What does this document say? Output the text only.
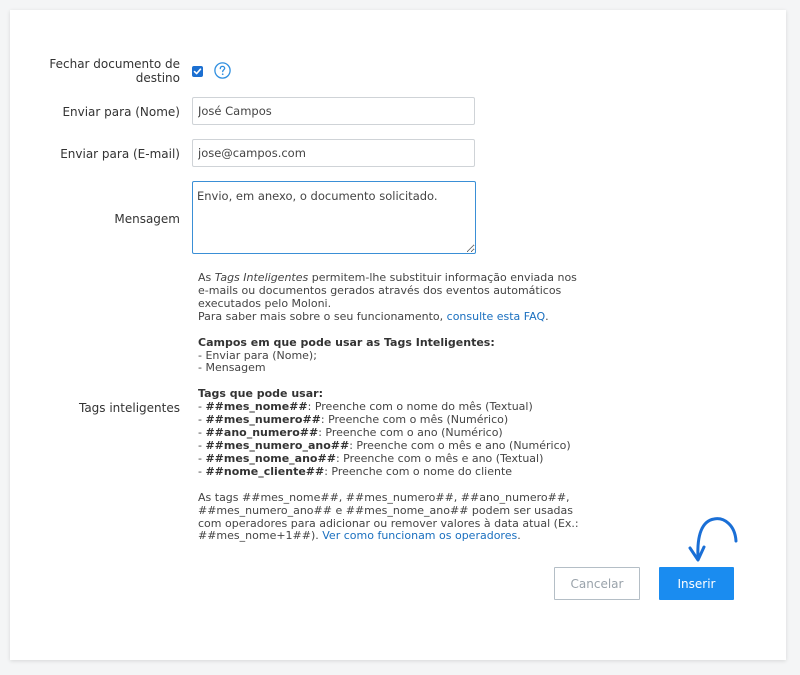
Fechar documento de
destino
Enviar para (Nome)
José Campos
Enviar para (E-mail)
jose@campos.com
Mensagem
Envio, em anexo, o documento solicitado.
Tags inteligentes

As Tags Inteligentes permitem-lhe substituir informação enviada nos e-mails ou documentos gerados através dos eventos automáticos executados pelo Moloni.

Para saber mais sobre o seu funcionamento, consulte esta FAQ.

Campos em que pode usar as Tags Inteligentes:

- Enviar para (Nome);

- Mensagem

Tags que pode usar:

- ##mes_nome##: Preenche com o nome do mês (Textual)

- ##mes_numero##: Preenche com o mês (Numérico)

- ##ano_numero##: Preenche com o ano (Numérico)

- ##mes_numero_ano##: Preenche com o mês e ano (Numérico)

- ##mes_nome_ano##: Preenche com o mês e ano (Textual)

- ##nome_cliente##: Preenche com o nome do cliente

As tags ##mes_nome##, ##mes_numero##, ##ano_numero##, ##mes_numero_ano## e ##mes_nome_ano## podem ser usadas com operadores para adicionar ou remover valores à data atual (Ex.: ##mes_nome+1##). Ver como funcionam os operadores.

Cancelar	Inserir
